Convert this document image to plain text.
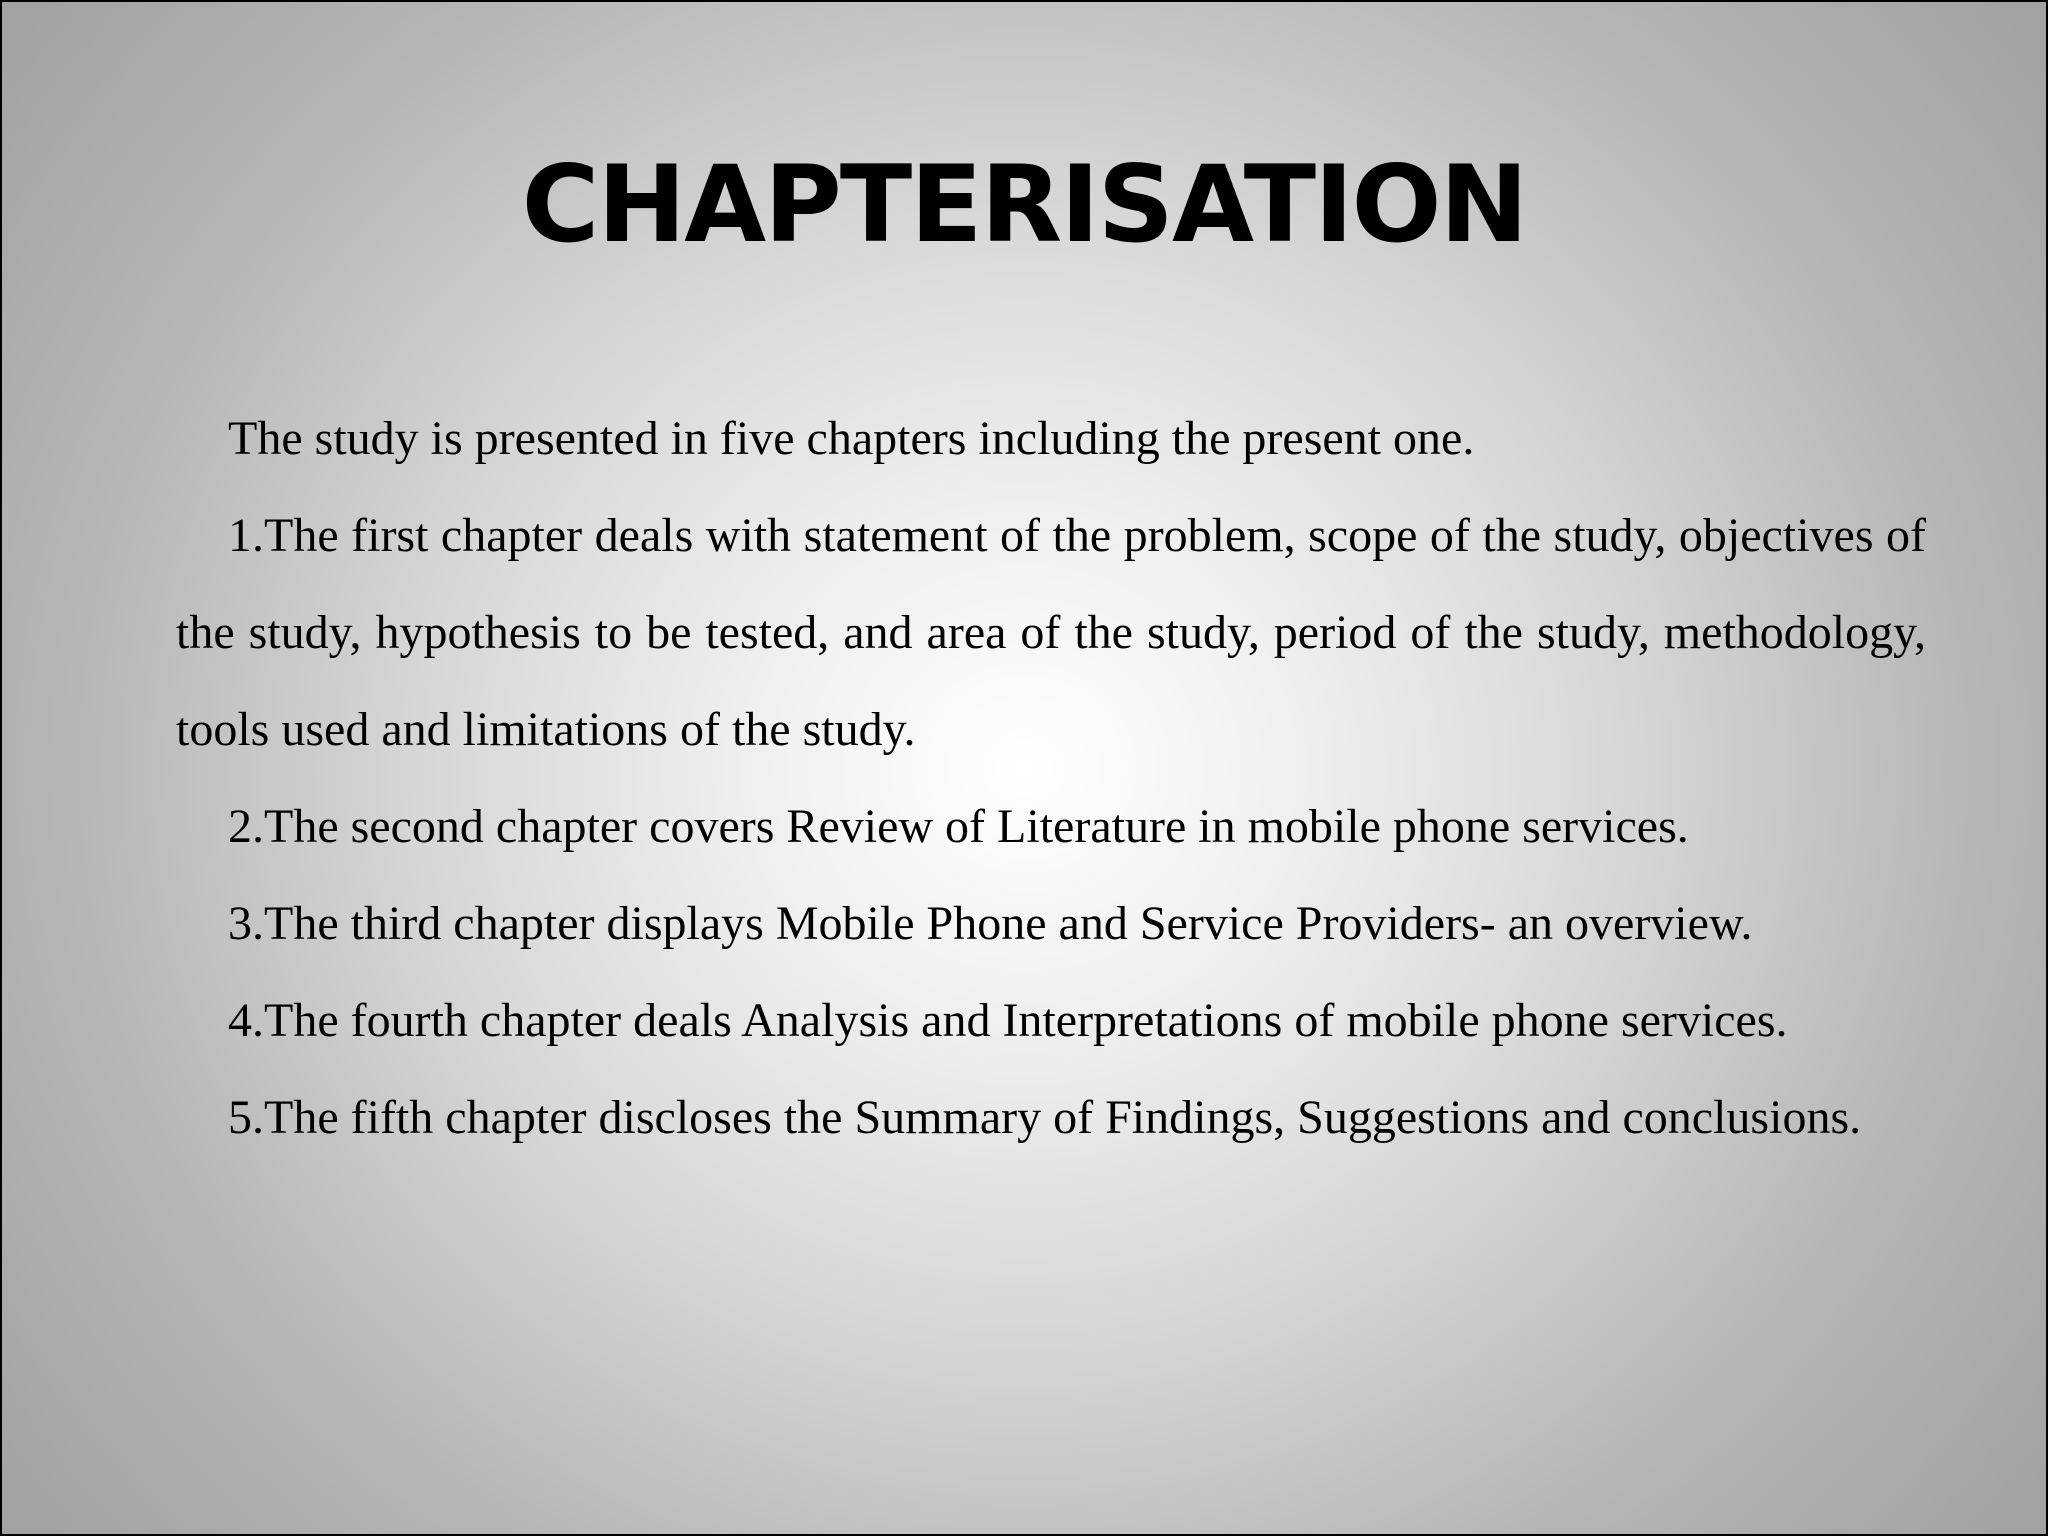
CHAPTERISATION

The study is presented in five chapters including the present one.

1.The first chapter deals with statement of the problem, scope of the study, objectives of the study, hypothesis to be tested, and area of the study, period of the study, methodology, tools used and limitations of the study.

2.The second chapter covers Review of Literature in mobile phone services.

3.The third chapter displays Mobile Phone and Service Providers- an overview.

4.The fourth chapter deals Analysis and Interpretations of mobile phone services.

5.The fifth chapter discloses the Summary of Findings, Suggestions and conclusions.
